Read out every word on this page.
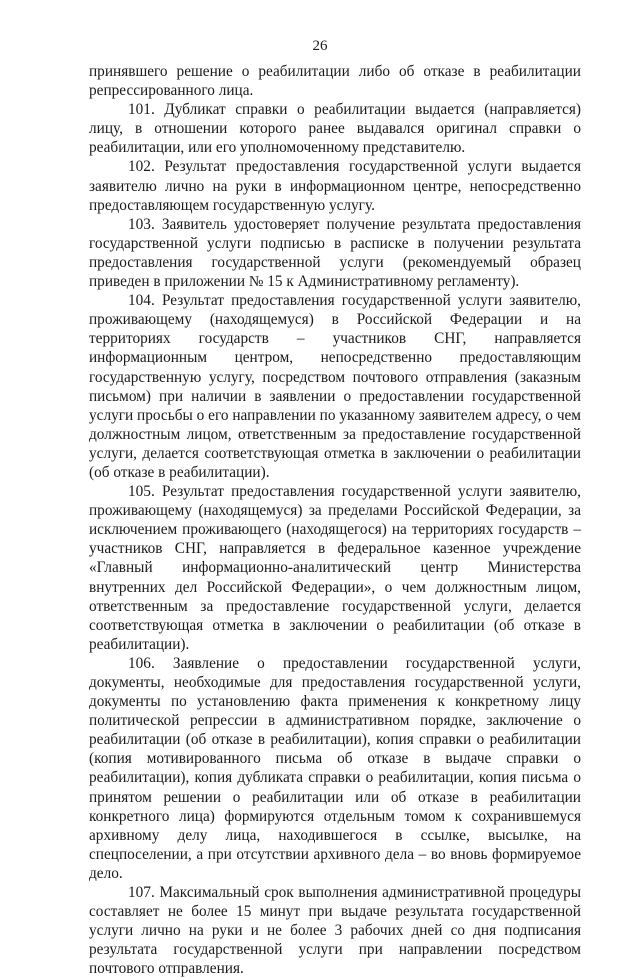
26

принявшего решение о реабилитации либо об отказе в реабилитации репрессированного лица.

101. Дубликат справки о реабилитации выдается (направляется) лицу, в отношении которого ранее выдавался оригинал справки о реабилитации, или его уполномоченному представителю.

102. Результат предоставления государственной услуги выдается заявителю лично на руки в информационном центре, непосредственно предоставляющем государственную услугу.

103. Заявитель удостоверяет получение результата предоставления государственной услуги подписью в расписке в получении результата предоставления государственной услуги (рекомендуемый образец приведен в приложении № 15 к Административному регламенту).

104. Результат предоставления государственной услуги заявителю, проживающему (находящемуся) в Российской Федерации и на территориях государств – участников СНГ, направляется информационным центром, непосредственно предоставляющим государственную услугу, посредством почтового отправления (заказным письмом) при наличии в заявлении о предоставлении государственной услуги просьбы о его направлении по указанному заявителем адресу, о чем должностным лицом, ответственным за предоставление государственной услуги, делается соответствующая отметка в заключении о реабилитации (об отказе в реабилитации).

105. Результат предоставления государственной услуги заявителю, проживающему (находящемуся) за пределами Российской Федерации, за исключением проживающего (находящегося) на территориях государств – участников СНГ, направляется в федеральное казенное учреждение «Главный информационно-аналитический центр Министерства внутренних дел Российской Федерации», о чем должностным лицом, ответственным за предоставление государственной услуги, делается соответствующая отметка в заключении о реабилитации (об отказе в реабилитации).

106. Заявление о предоставлении государственной услуги, документы, необходимые для предоставления государственной услуги, документы по установлению факта применения к конкретному лицу политической репрессии в административном порядке, заключение о реабилитации (об отказе в реабилитации), копия справки о реабилитации (копия мотивированного письма об отказе в выдаче справки о реабилитации), копия дубликата справки о реабилитации, копия письма о принятом решении о реабилитации или об отказе в реабилитации конкретного лица) формируются отдельным томом к сохранившемуся архивному делу лица, находившегося в ссылке, высылке, на спецпоселении, а при отсутствии архивного дела – во вновь формируемое дело.

107. Максимальный срок выполнения административной процедуры составляет не более 15 минут при выдаче результата государственной услуги лично на руки и не более 3 рабочих дней со дня подписания результата государственной услуги при направлении посредством почтового отправления.
